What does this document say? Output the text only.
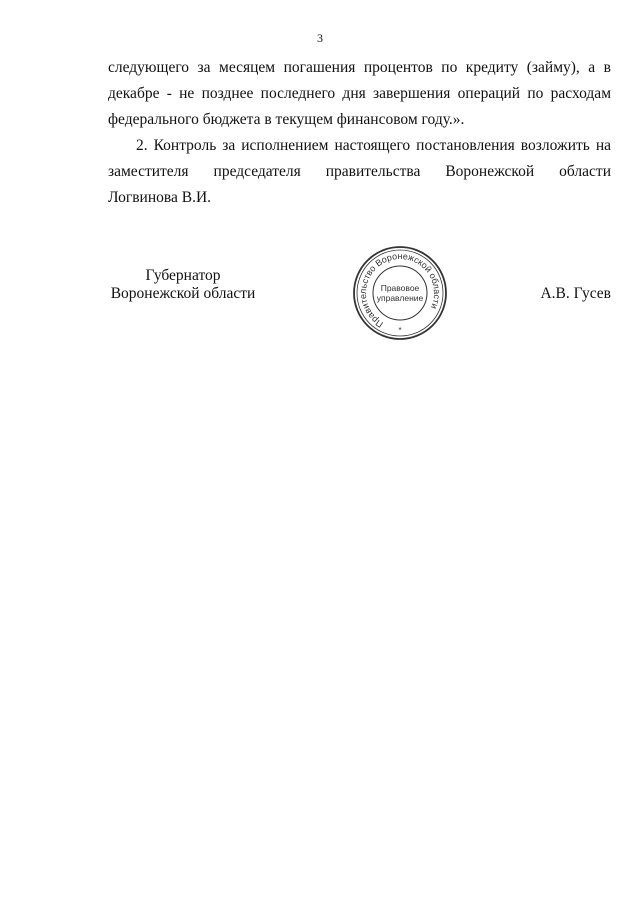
3
следующего за месяцем погашения процентов по кредиту (займу), а в
декабре - не позднее последнего дня завершения операций по расходам
федерального бюджета в текущем финансовом году.».
2. Контроль за исполнением настоящего постановления возложить на
заместителя председателя правительства Воронежской области
Логвинова В.И.
Губернатор
Воронежской области
Правительство Воронежской области
Правовое
управление
*
А.В. Гусев
